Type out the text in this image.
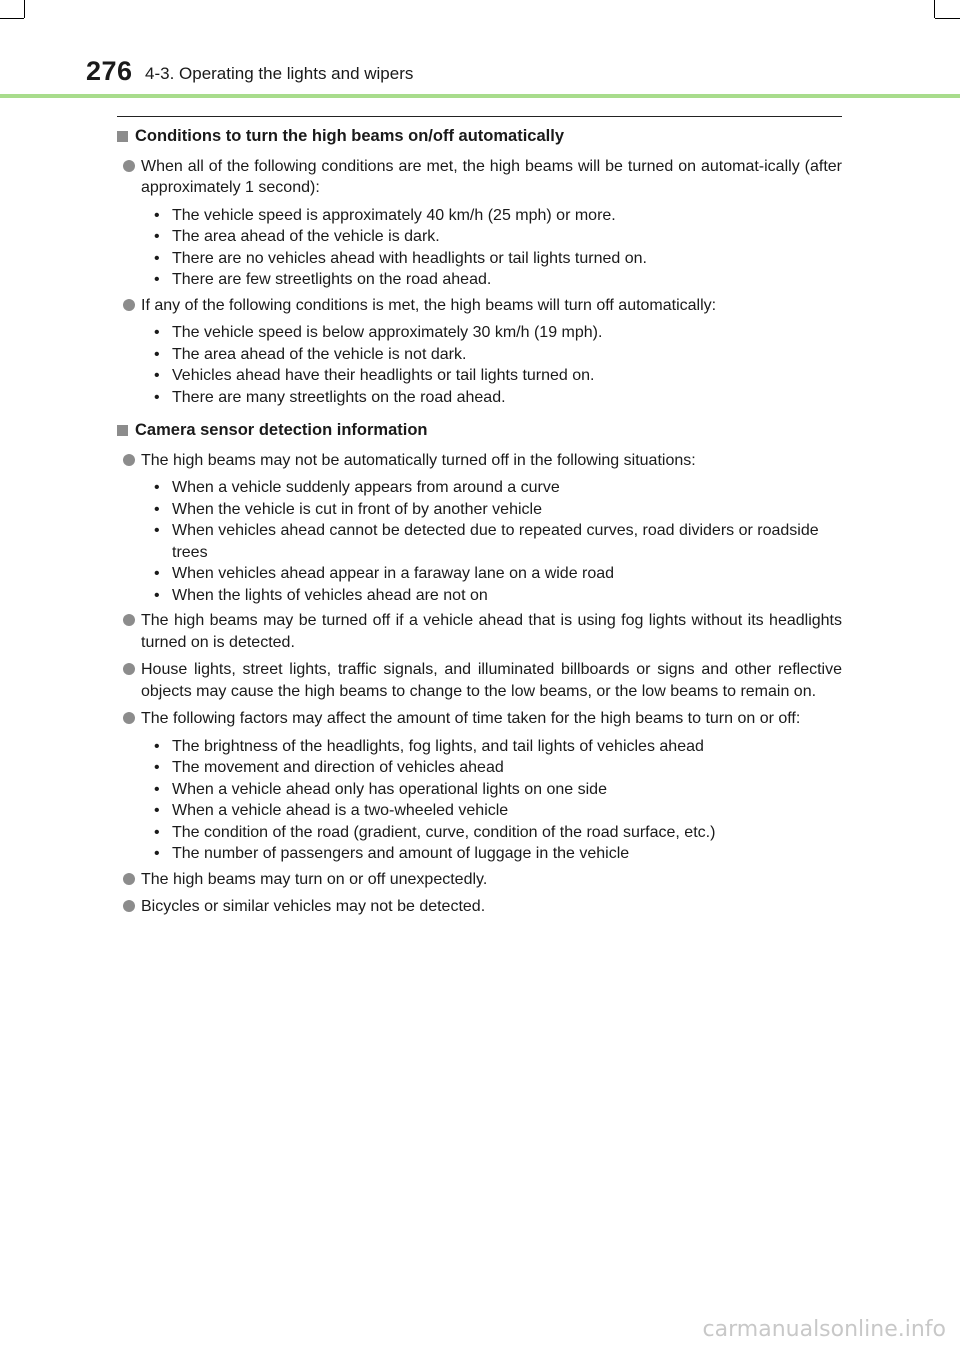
276 4-3. Operating the lights and wipers
Conditions to turn the high beams on/off automatically
When all of the following conditions are met, the high beams will be turned on automat-ically (after approximately 1 second):
• The vehicle speed is approximately 40 km/h (25 mph) or more.
• The area ahead of the vehicle is dark.
• There are no vehicles ahead with headlights or tail lights turned on.
• There are few streetlights on the road ahead.
If any of the following conditions is met, the high beams will turn off automatically:
• The vehicle speed is below approximately 30 km/h (19 mph).
• The area ahead of the vehicle is not dark.
• Vehicles ahead have their headlights or tail lights turned on.
• There are many streetlights on the road ahead.
Camera sensor detection information
The high beams may not be automatically turned off in the following situations:
• When a vehicle suddenly appears from around a curve
• When the vehicle is cut in front of by another vehicle
• When vehicles ahead cannot be detected due to repeated curves, road dividers or roadside trees
• When vehicles ahead appear in a faraway lane on a wide road
• When the lights of vehicles ahead are not on
The high beams may be turned off if a vehicle ahead that is using fog lights without its headlights turned on is detected.
House lights, street lights, traffic signals, and illuminated billboards or signs and other reflective objects may cause the high beams to change to the low beams, or the low beams to remain on.
The following factors may affect the amount of time taken for the high beams to turn on or off:
• The brightness of the headlights, fog lights, and tail lights of vehicles ahead
• The movement and direction of vehicles ahead
• When a vehicle ahead only has operational lights on one side
• When a vehicle ahead is a two-wheeled vehicle
• The condition of the road (gradient, curve, condition of the road surface, etc.)
• The number of passengers and amount of luggage in the vehicle
The high beams may turn on or off unexpectedly.
Bicycles or similar vehicles may not be detected.
carmanualsonline.info
